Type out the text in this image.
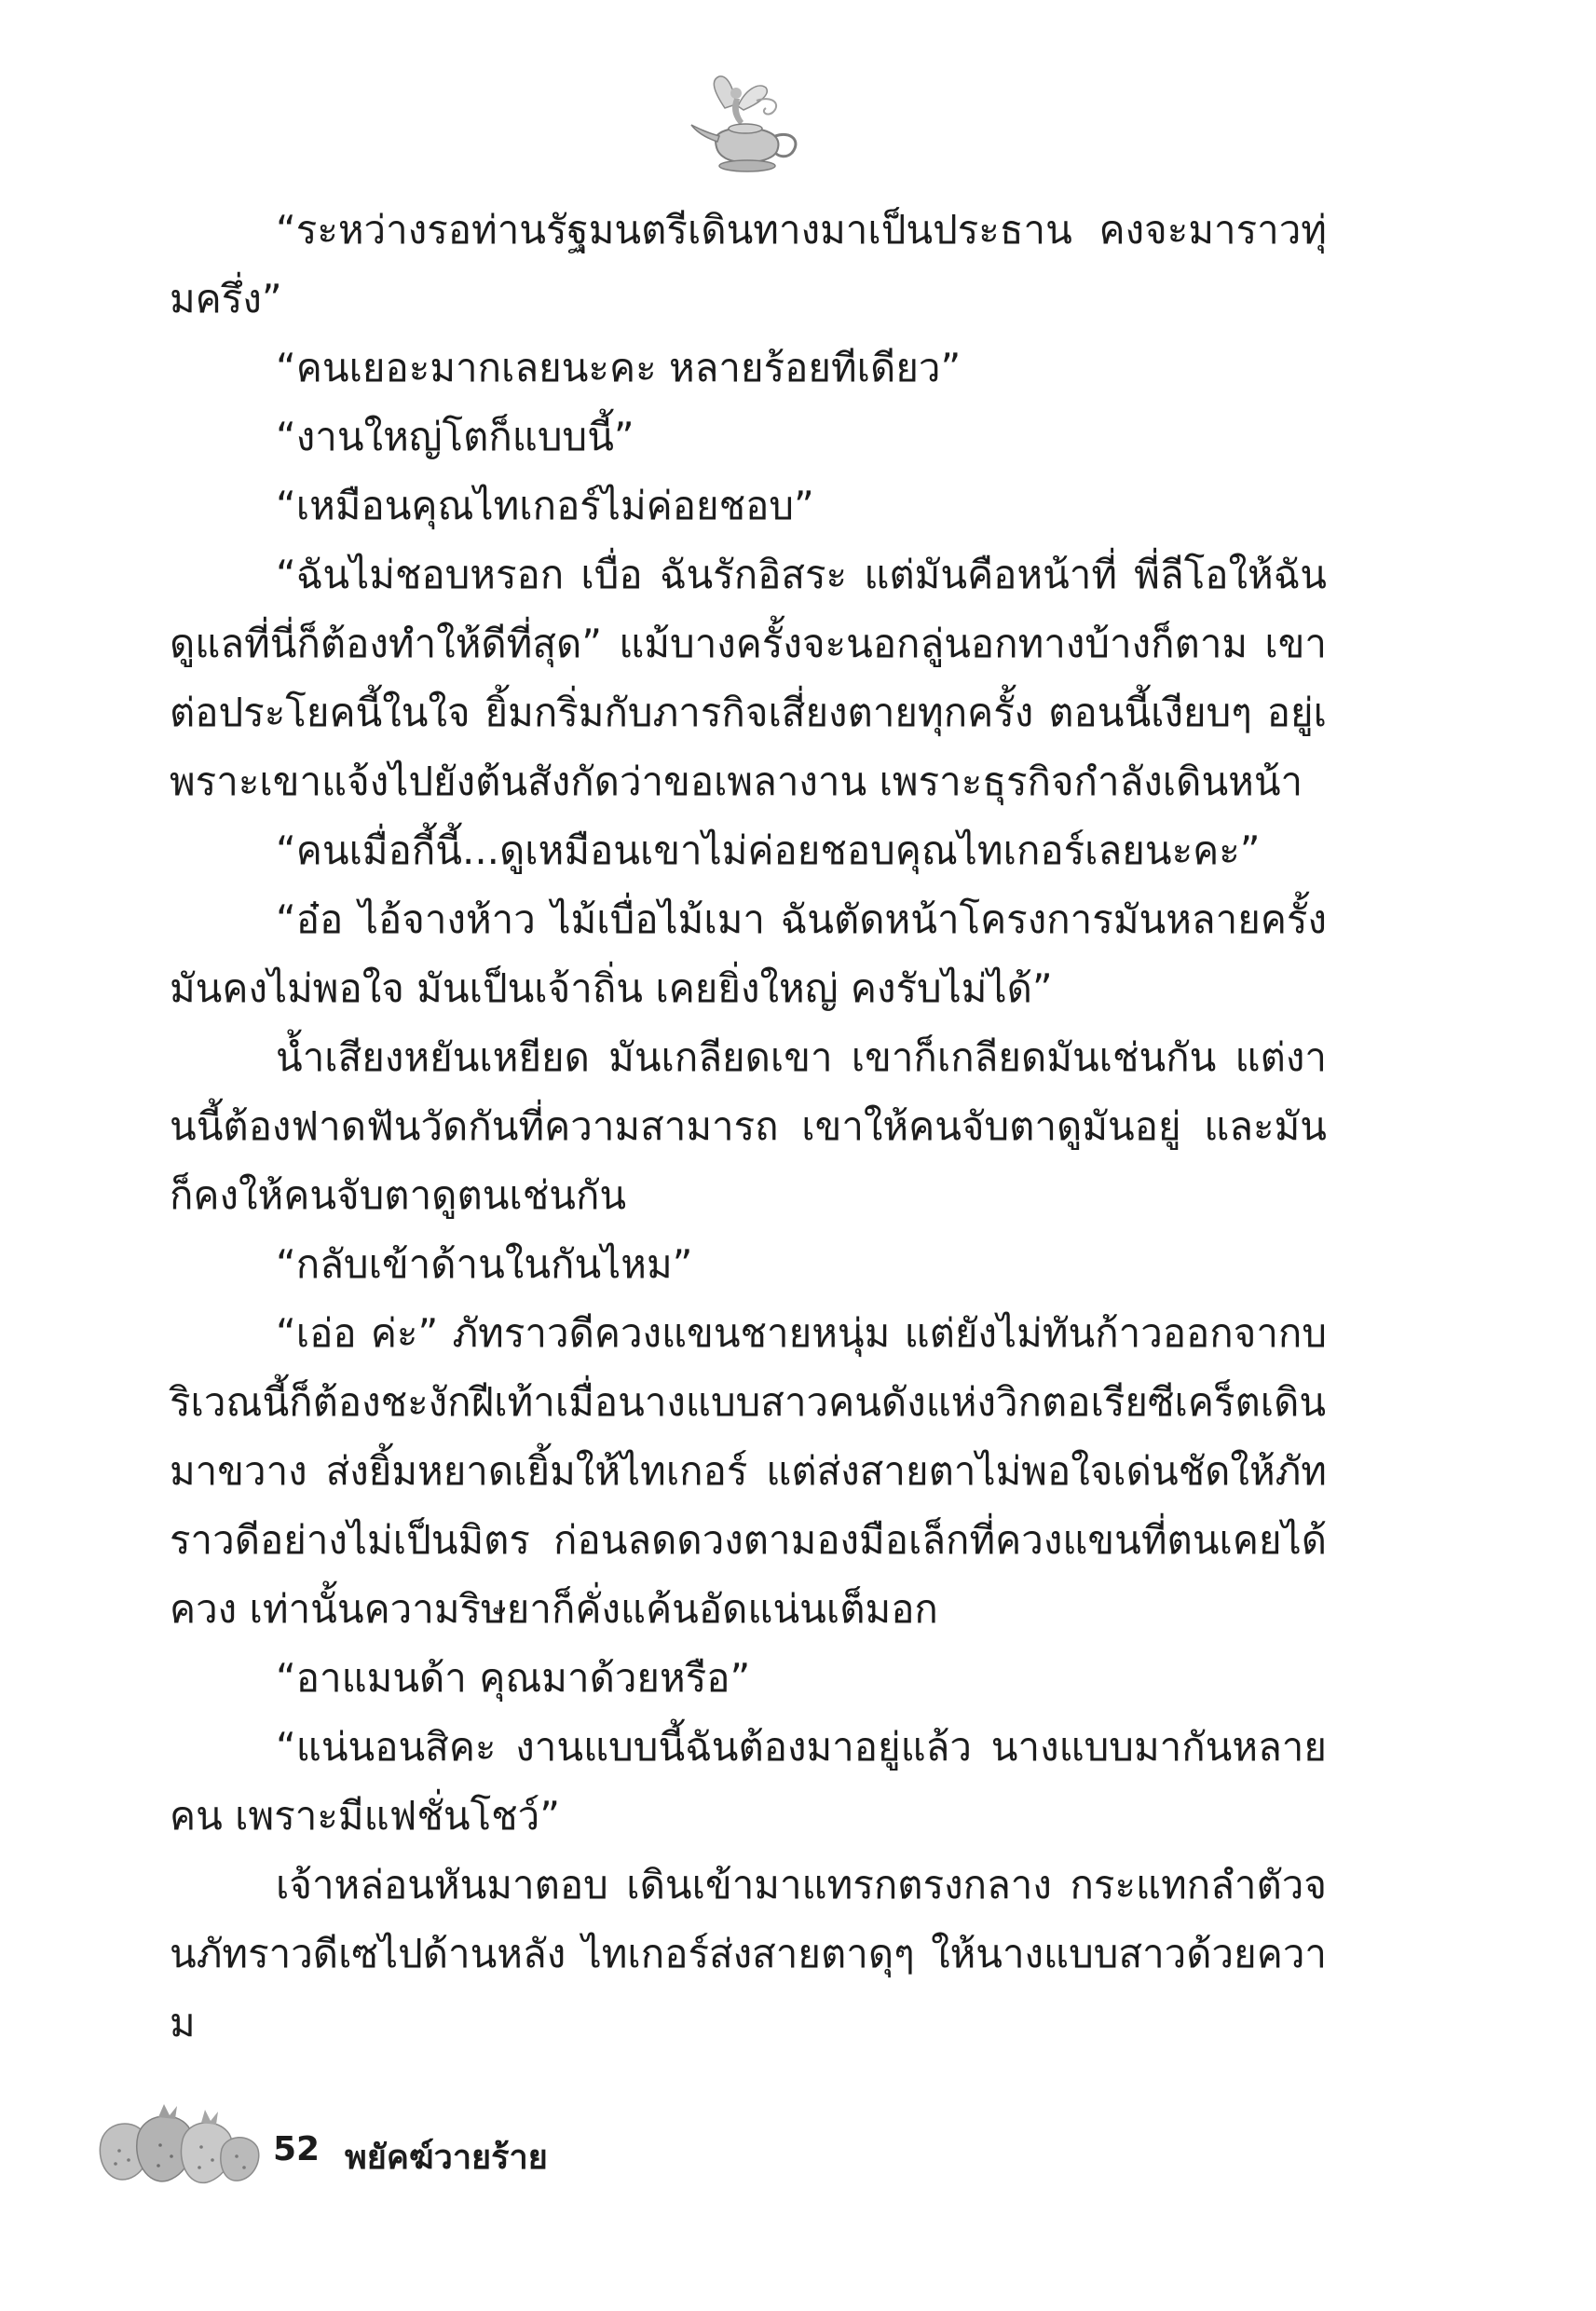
“ระหว่างรอท่านรัฐมนตรีเดินทางมาเป็นประธาน คงจะมาราวทุ่มครึ่ง”

“คนเยอะมากเลยนะคะ หลายร้อยทีเดียว”

“งานใหญ่โตก็แบบนี้”

“เหมือนคุณไทเกอร์ไม่ค่อยชอบ”

“ฉันไม่ชอบหรอก เบื่อ ฉันรักอิสระ แต่มันคือหน้าที่ พี่ลีโอให้ฉันดูแลที่นี่ก็ต้องทำให้ดีที่สุด” แม้บางครั้งจะนอกลู่นอกทางบ้างก็ตาม เขาต่อประโยคนี้ในใจ ยิ้มกริ่มกับภารกิจเสี่ยงตายทุกครั้ง ตอนนี้เงียบๆ อยู่เพราะเขาแจ้งไปยังต้นสังกัดว่าขอเพลางาน เพราะธุรกิจกำลังเดินหน้า

“คนเมื่อกี้นี้...ดูเหมือนเขาไม่ค่อยชอบคุณไทเกอร์เลยนะคะ”

“อ๋อ ไอ้จางห้าว ไม้เบื่อไม้เมา ฉันตัดหน้าโครงการมันหลายครั้ง มันคงไม่พอใจ มันเป็นเจ้าถิ่น เคยยิ่งใหญ่ คงรับไม่ได้”

น้ำเสียงหยันเหยียด มันเกลียดเขา เขาก็เกลียดมันเช่นกัน แต่งานนี้ต้องฟาดฟันวัดกันที่ความสามารถ เขาให้คนจับตาดูมันอยู่ และมันก็คงให้คนจับตาดูตนเช่นกัน

“กลับเข้าด้านในกันไหม”

“เอ่อ ค่ะ” ภัทราวดีควงแขนชายหนุ่ม แต่ยังไม่ทันก้าวออกจากบริเวณนี้ก็ต้องชะงักฝีเท้าเมื่อนางแบบสาวคนดังแห่งวิกตอเรียซีเคร็ตเดินมาขวาง ส่งยิ้มหยาดเยิ้มให้ไทเกอร์ แต่ส่งสายตาไม่พอใจเด่นชัดให้ภัทราวดีอย่างไม่เป็นมิตร ก่อนลดดวงตามองมือเล็กที่ควงแขนที่ตนเคยได้ควง เท่านั้นความริษยาก็คั่งแค้นอัดแน่นเต็มอก

“อาแมนด้า คุณมาด้วยหรือ”

“แน่นอนสิคะ งานแบบนี้ฉันต้องมาอยู่แล้ว นางแบบมากันหลายคน เพราะมีแฟชั่นโชว์”

เจ้าหล่อนหันมาตอบ เดินเข้ามาแทรกตรงกลาง กระแทกลำตัวจนภัทราวดีเซไปด้านหลัง ไทเกอร์ส่งสายตาดุๆ ให้นางแบบสาวด้วยความ

52 พยัคฆ์วายร้าย
